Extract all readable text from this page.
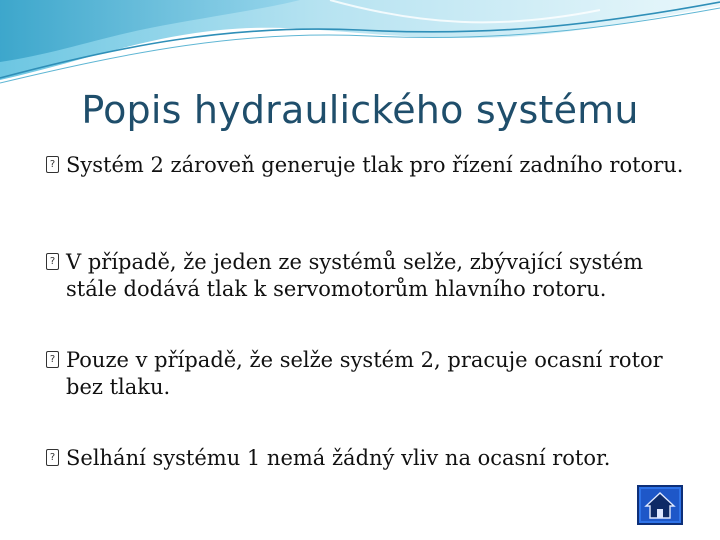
Popis hydraulického systému
? Systém 2 zároveň generuje tlak pro řízení zadního rotoru.
? V případě, že jeden ze systémů selže, zbývající systém stále dodává tlak k servomotorům hlavního rotoru.
? Pouze v případě, že selže systém 2, pracuje ocasní rotor bez tlaku.
? Selhání systému 1 nemá žádný vliv na ocasní rotor.
